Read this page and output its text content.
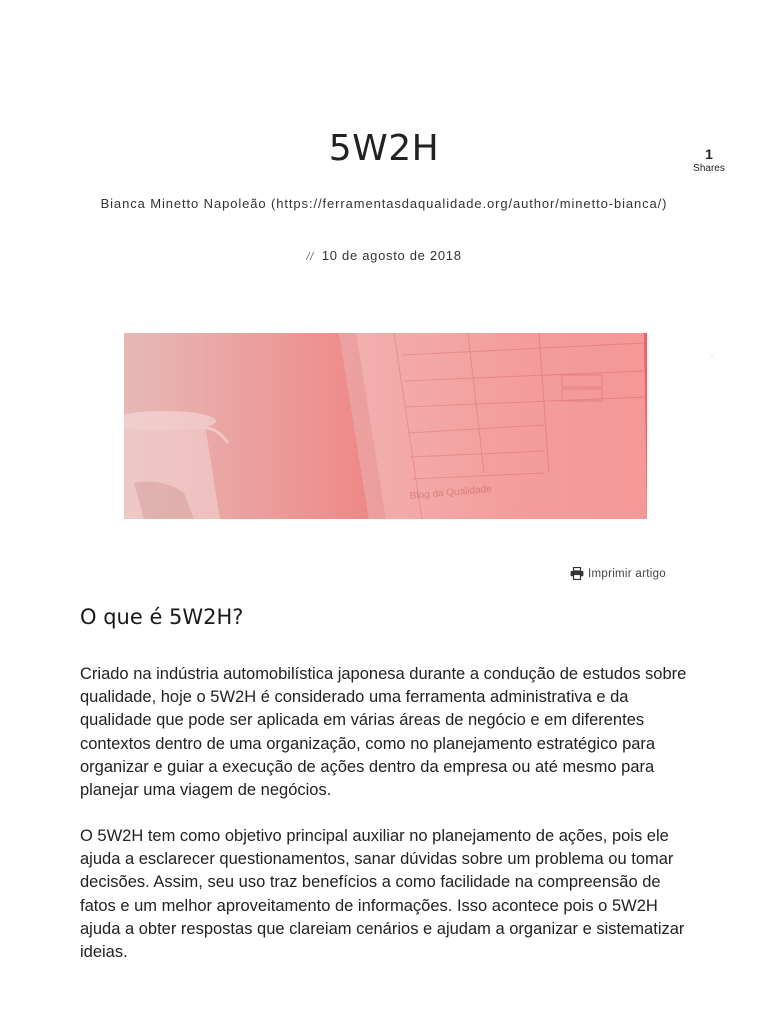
5W2H	1
Shares
Bianca Minetto Napoleão (https://ferramentasdaqualidade.org/author/minetto-bianca/)
// 10 de agosto de 2018
Blog da Qualidade
Imprimir artigo
O que é 5W2H?

Criado na indústria automobilística japonesa durante a condução de estudos sobre qualidade, hoje o 5W2H é considerado uma ferramenta administrativa e da qualidade que pode ser aplicada em várias áreas de negócio e em diferentes contextos dentro de uma organização, como no planejamento estratégico para organizar e guiar a execução de ações dentro da empresa ou até mesmo para planejar uma viagem de negócios.

O 5W2H tem como objetivo principal auxiliar no planejamento de ações, pois ele ajuda a esclarecer questionamentos, sanar dúvidas sobre um problema ou tomar decisões. Assim, seu uso traz benefícios a como facilidade na compreensão de fatos e um melhor aproveitamento de informações. Isso acontece pois o 5W2H ajuda a obter respostas que clareiam cenários e ajudam a organizar e sistematizar ideias.
